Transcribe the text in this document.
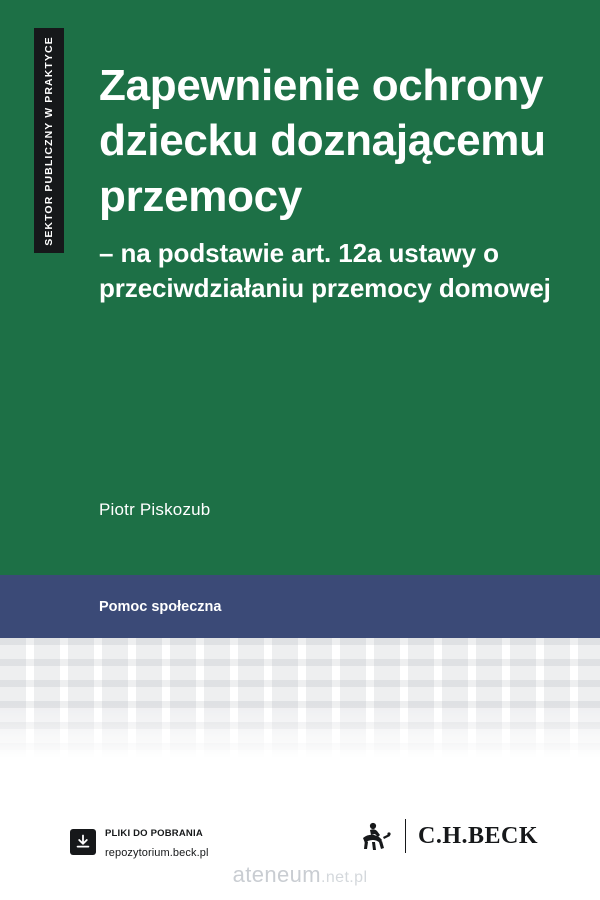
SEKTOR PUBLICZNY W PRAKTYCE Zapewnienie ochrony dziecku doznającemu przemocy

– na podstawie art. 12a ustawy o przeciwdziałaniu przemocy domowej

Piotr Piskozub
Pomoc społeczna
PLIKI DO POBRANIA
repozytorium.beck.pl
C.H.BECK
ateneum.net.pl
